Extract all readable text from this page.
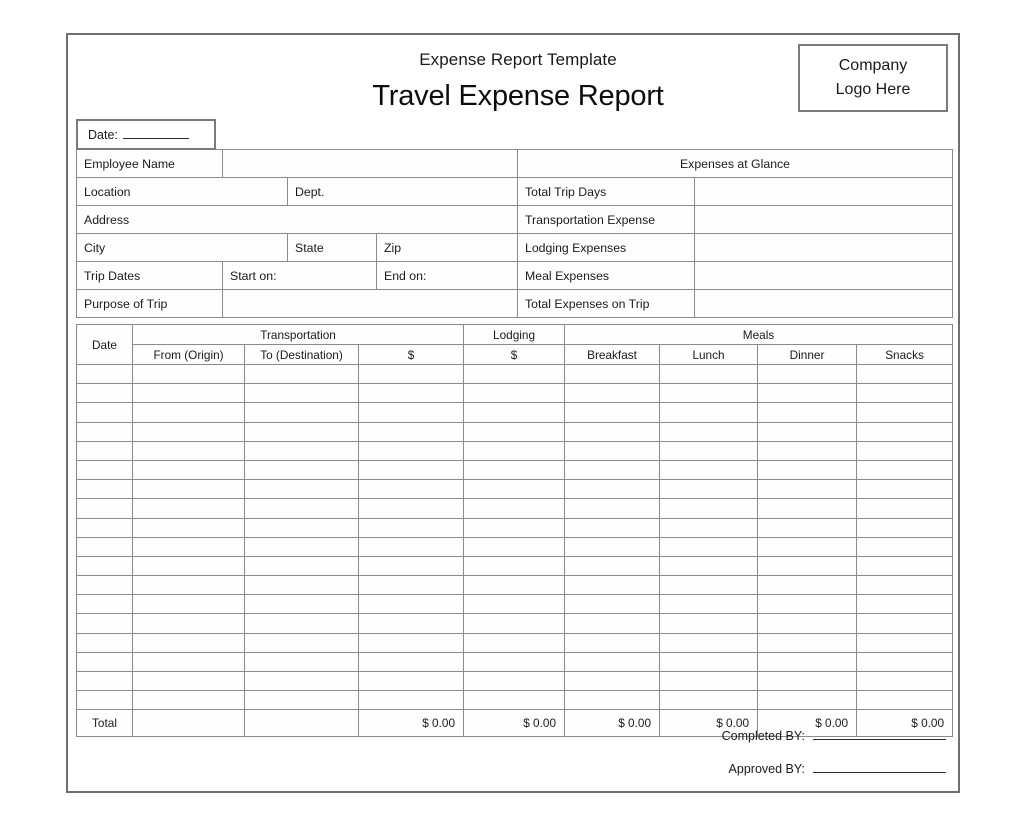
Expense Report Template
Travel Expense Report
Company
Logo Here
Date:
Employee Name			
Location		Dept.	
Address			
City		State	Zip
Trip Dates	Start on:		End on:
Purpose of Trip			
Expenses at Glance	
Total Trip Days	
Transportation Expense	
Lodging Expenses	
Meal Expenses	
Total Expenses on Trip	
Date	Transportation			Lodging	Meals			
	From (Origin)	To (Destination)	$	$	Breakfast	Lunch	Dinner	Snacks

Total			$ 0.00	$ 0.00	$ 0.00	$ 0.00	$ 0.00	$ 0.00
Completed BY:
Approved BY:
